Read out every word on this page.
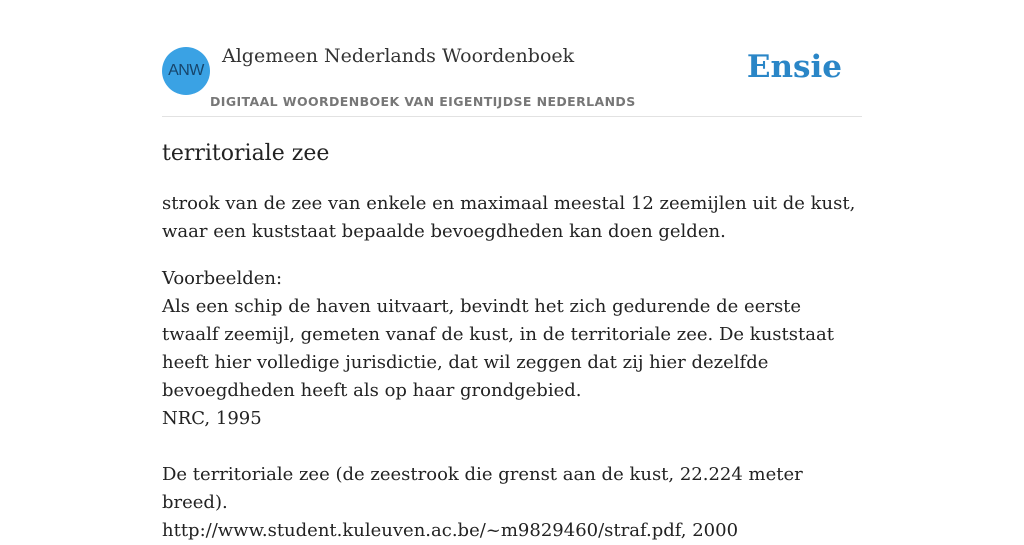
ANW
Algemeen Nederlands Woordenboek
DIGITAAL WOORDENBOEK VAN EIGENTIJDSE NEDERLANDS
Ensie
territoriale zee

strook van de zee van enkele en maximaal meestal 12 zeemijlen uit de kust, waar een kuststaat bepaalde bevoegdheden kan doen gelden.

Voorbeelden:
Als een schip de haven uitvaart, bevindt het zich gedurende de eerste twaalf zeemijl, gemeten vanaf de kust, in de territoriale zee. De kuststaat heeft hier volledige jurisdictie, dat wil zeggen dat zij hier dezelfde bevoegdheden heeft als op haar grondgebied.
NRC, 1995
De territoriale zee (de zeestrook die grenst aan de kust, 22.224 meter breed).
http://www.student.kuleuven.ac.be/~m9829460/straf.pdf, 2000
